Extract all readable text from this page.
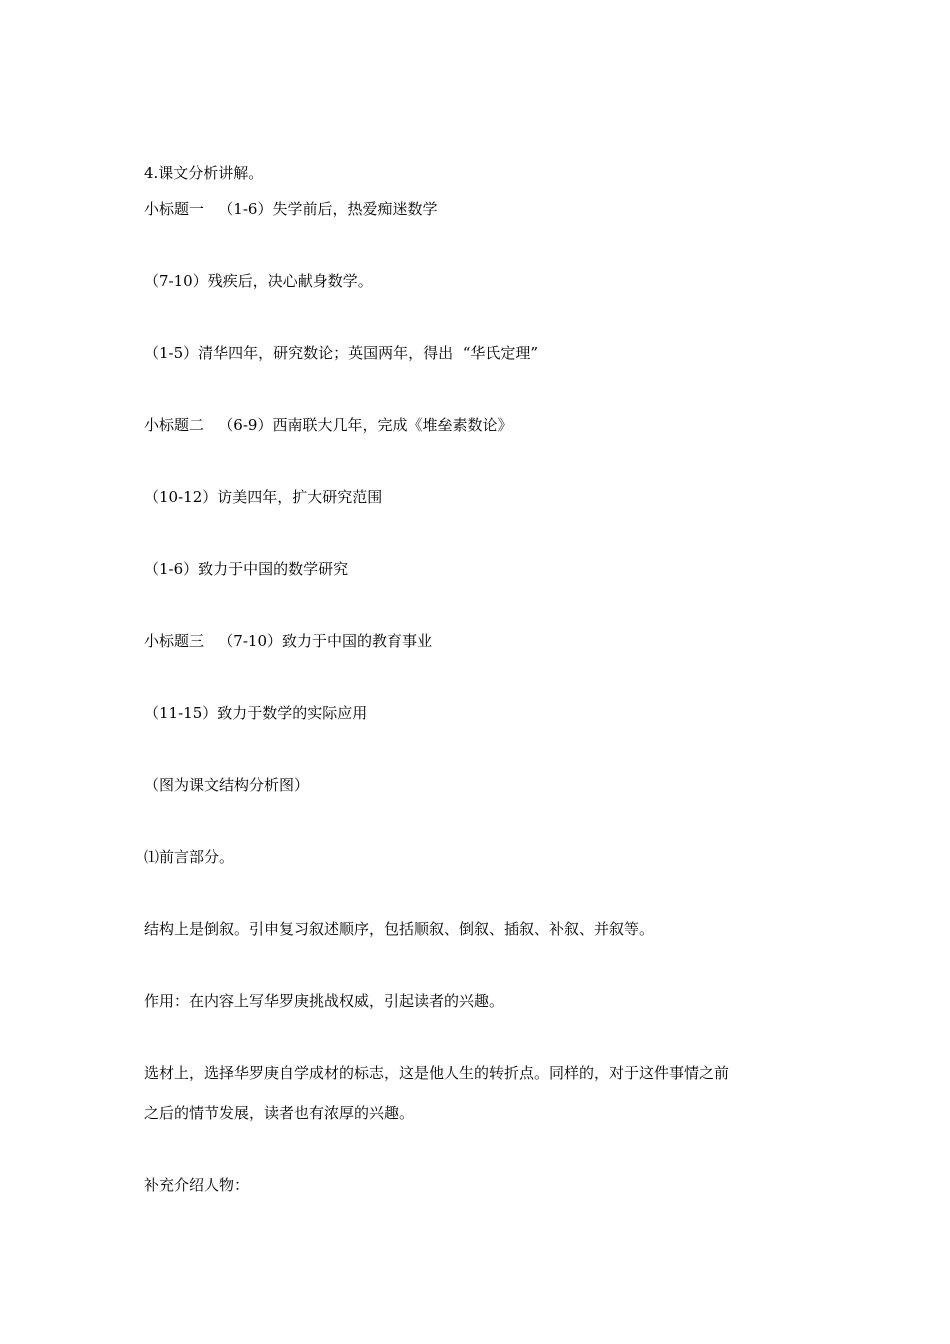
4.课文分析讲解。
小标题一   （1-6）失学前后，热爱痴迷数学
（7-10）残疾后，决心献身数学。
（1-5）清华四年，研究数论；英国两年，得出  “华氏定理”
小标题二   （6-9）西南联大几年，完成《堆垒素数论》
（10-12）访美四年，扩大研究范围
（1-6）致力于中国的数学研究
小标题三   （7-10）致力于中国的教育事业
（11-15）致力于数学的实际应用
（图为课文结构分析图）
⑴前言部分。
结构上是倒叙。引申复习叙述顺序，包括顺叙、倒叙、插叙、补叙、并叙等。
作用：在内容上写华罗庚挑战权威，引起读者的兴趣。
选材上，选择华罗庚自学成材的标志，这是他人生的转折点。同样的，对于这件事情之前
之后的情节发展，读者也有浓厚的兴趣。
补充介绍人物：
